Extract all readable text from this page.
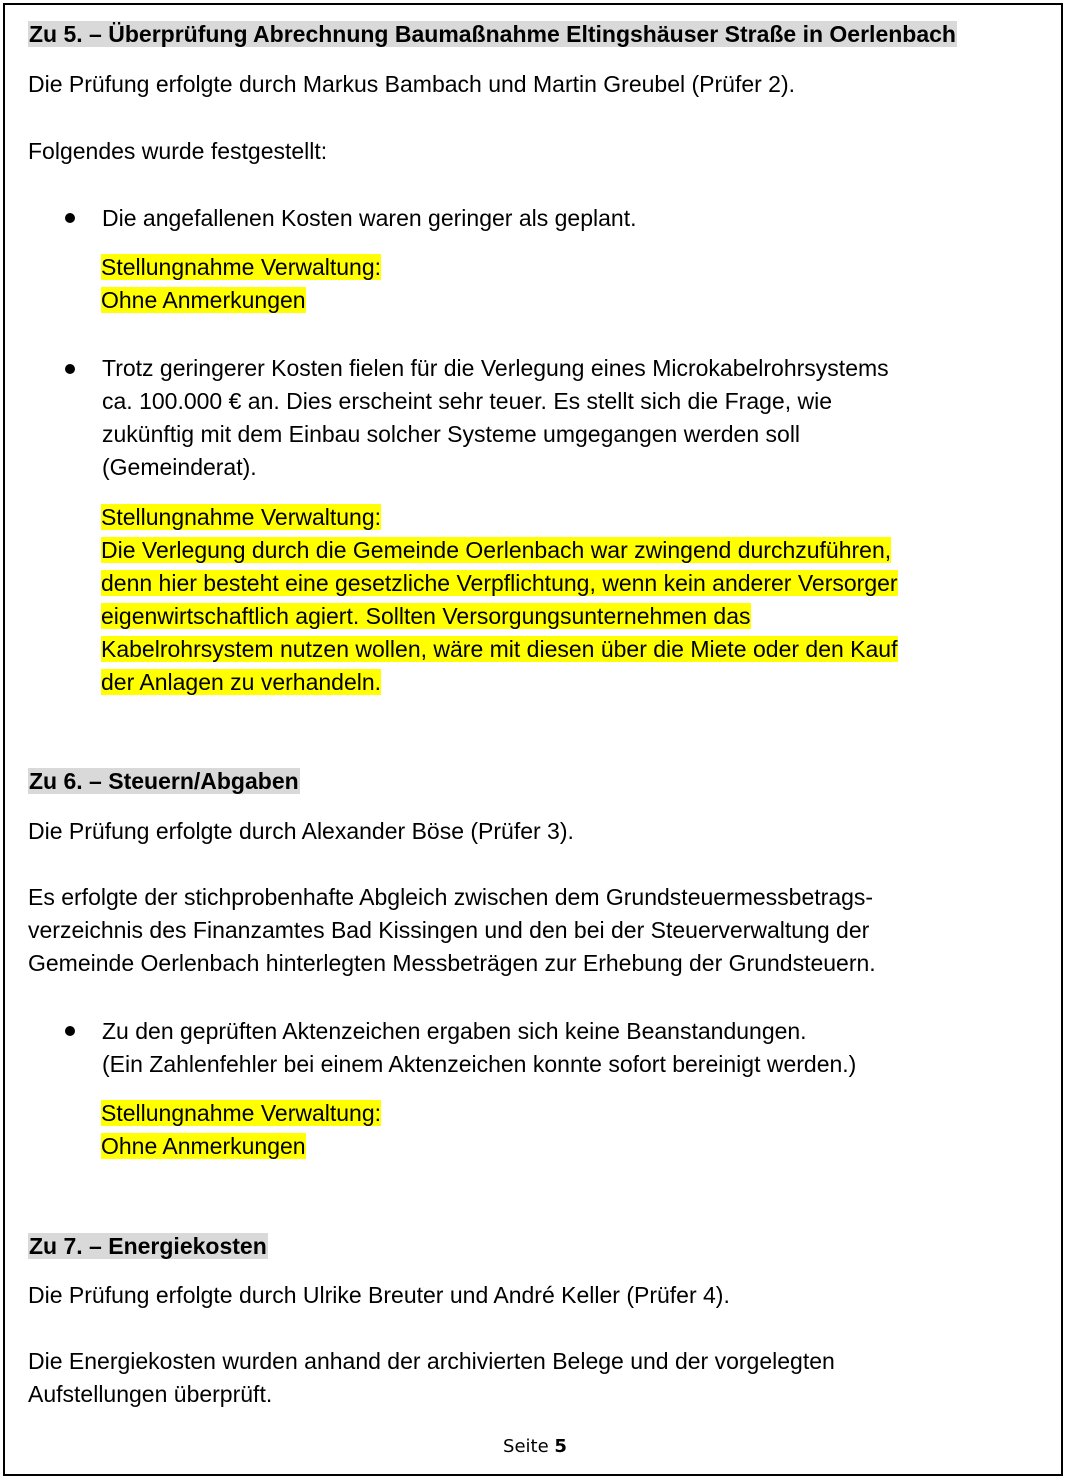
Zu 5. – Überprüfung Abrechnung Baumaßnahme Eltingshäuser Straße in Oerlenbach
Die Prüfung erfolgte durch Markus Bambach und Martin Greubel (Prüfer 2).
Folgendes wurde festgestellt:
Die angefallenen Kosten waren geringer als geplant.
Stellungnahme Verwaltung:
Ohne Anmerkungen
Trotz geringerer Kosten fielen für die Verlegung eines Microkabelrohrsystems
ca. 100.000 € an. Dies erscheint sehr teuer. Es stellt sich die Frage, wie
zukünftig mit dem Einbau solcher Systeme umgegangen werden soll
(Gemeinderat).
Stellungnahme Verwaltung:
Die Verlegung durch die Gemeinde Oerlenbach war zwingend durchzuführen,
denn hier besteht eine gesetzliche Verpflichtung, wenn kein anderer Versorger
eigenwirtschaftlich agiert. Sollten Versorgungsunternehmen das
Kabelrohrsystem nutzen wollen, wäre mit diesen über die Miete oder den Kauf
der Anlagen zu verhandeln.
Zu 6. – Steuern/Abgaben
Die Prüfung erfolgte durch Alexander Böse (Prüfer 3).
Es erfolgte der stichprobenhafte Abgleich zwischen dem Grundsteuermessbetrags-
verzeichnis des Finanzamtes Bad Kissingen und den bei der Steuerverwaltung der
Gemeinde Oerlenbach hinterlegten Messbeträgen zur Erhebung der Grundsteuern.
Zu den geprüften Aktenzeichen ergaben sich keine Beanstandungen.
(Ein Zahlenfehler bei einem Aktenzeichen konnte sofort bereinigt werden.)
Stellungnahme Verwaltung:
Ohne Anmerkungen
Zu 7. – Energiekosten
Die Prüfung erfolgte durch Ulrike Breuter und André Keller (Prüfer 4).
Die Energiekosten wurden anhand der archivierten Belege und der vorgelegten
Aufstellungen überprüft.
Seite 5
